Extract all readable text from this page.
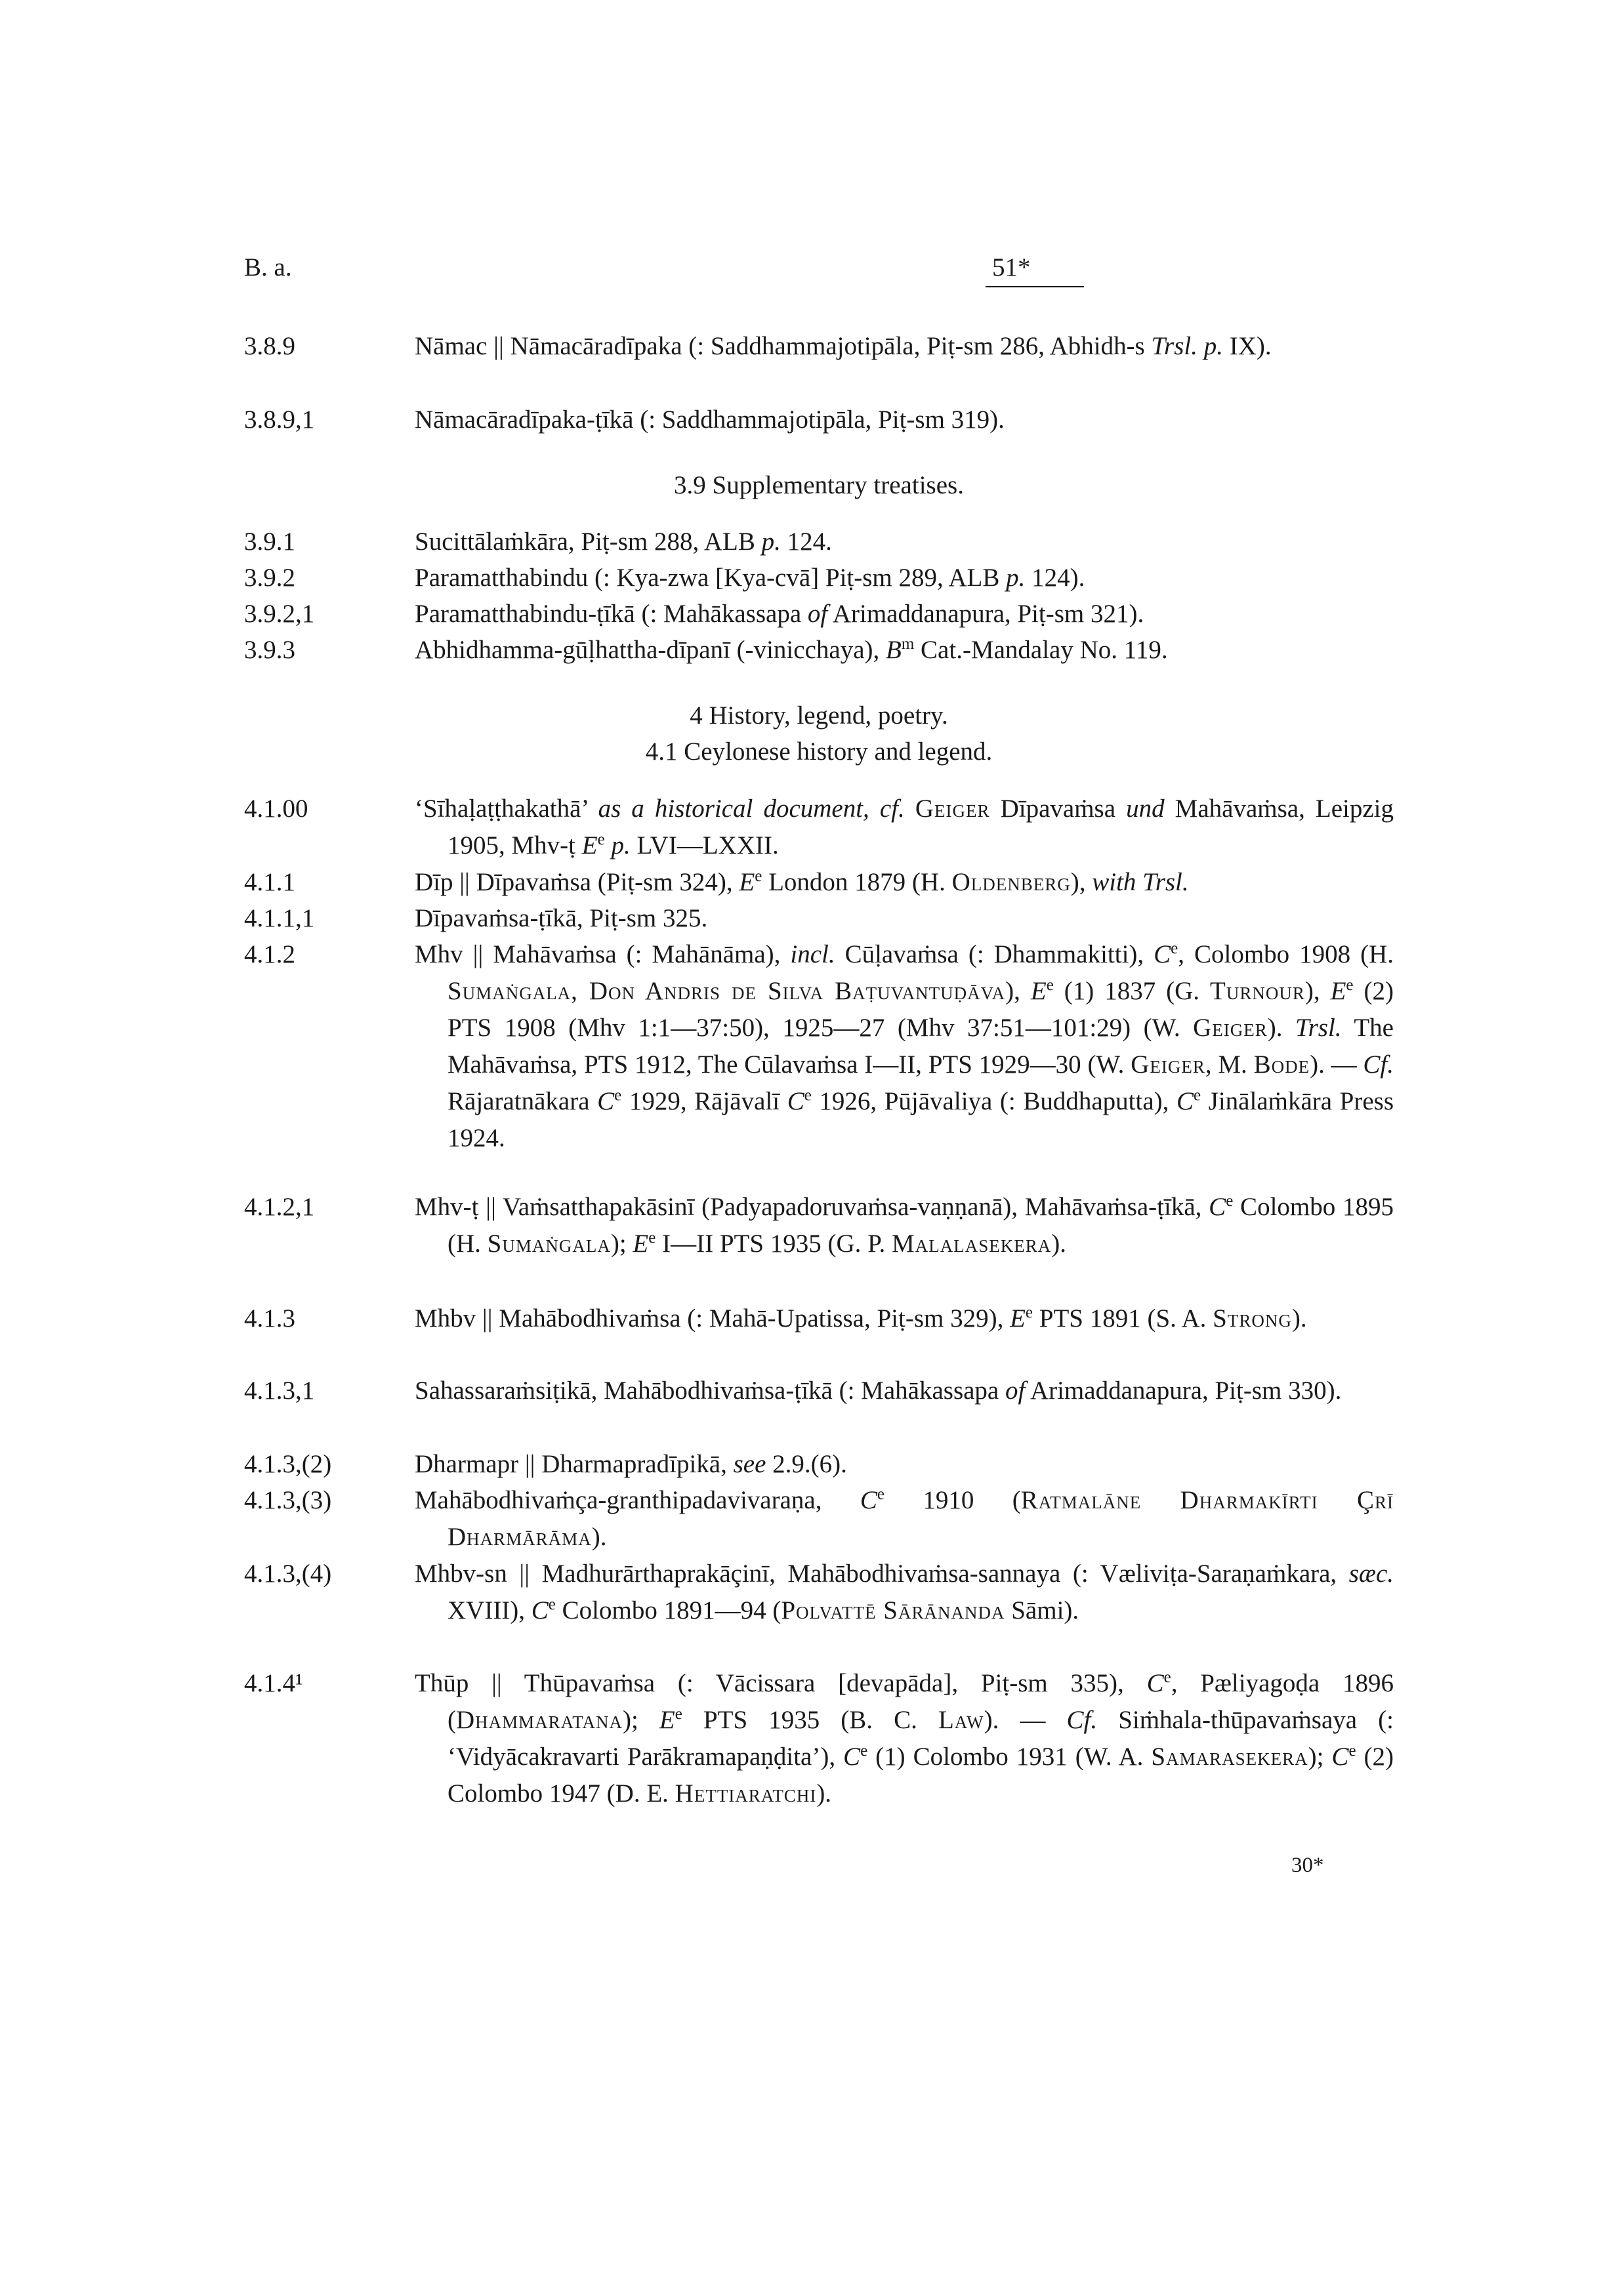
B. a.	51*
3.8.9	Nāmac || Nāmacāradīpaka (: Saddhammajotipāla, Piṭ-sm 286, Abhidh-s Trsl. p. IX).
3.8.9,1	Nāmacāradīpaka-ṭīkā (: Saddhammajotipāla, Piṭ-sm 319).
3.9 Supplementary treatises.
3.9.1	Sucittālaṁkāra, Piṭ-sm 288, ALB p. 124.
3.9.2	Paramatthabindu (: Kya-zwa [Kya-cvā] Piṭ-sm 289, ALB p. 124).
3.9.2,1	Paramatthabindu-ṭīkā (: Mahākassapa of Arimaddanapura, Piṭ-sm 321).
3.9.3	Abhidhamma-gūḷhattha-dīpanī (-vinicchaya), $B^m$ Cat.-Mandalay No. 119.
4 History, legend, poetry.
4.1 Ceylonese history and legend.
4.1.00	‘Sīhaḷaṭṭhakathā’ as a historical document, cf. Geiger Dīpavaṁsa und Mahāvaṁsa, Leipzig 1905, Mhv-ṭ $E^e$ p. LVI—LXXII.
4.1.1	Dīp || Dīpavaṁsa (Piṭ-sm 324), $E^e$ London 1879 (H. Oldenberg), with Trsl.
4.1.1,1	Dīpavaṁsa-ṭīkā, Piṭ-sm 325.
4.1.2	Mhv || Mahāvaṁsa (: Mahānāma), incl. Cūḷavaṁsa (: Dhammakitti), Ce, Colombo 1908 (H. Sumaṅgala, Don Andris de Silva Baṭuvantuḍāva), $E^e$ (1) 1837 (G. Turnour), $E^e$ (2) PTS 1908 (Mhv 1:1—37:50), 1925—27 (Mhv 37:51—101:29) (W. Geiger). Trsl. The Mahāvaṁsa, PTS 1912, The Cūlavaṁsa I—II, PTS 1929—30 (W. Geiger, M. Bode). — Cf. Rājaratnākara Ce 1929, Rājāvalī Ce 1926, Pūjāvaliya (: Buddhaputta), Ce Jinālaṁkāra Press 1924.
4.1.2,1	Mhv-ṭ || Vaṁsatthapakāsinī (Padyapadoruvaṁsa-vaṇṇanā), Mahāvaṁsa-ṭīkā, Ce Colombo 1895 (H. Sumaṅgala); $E^e$ I—II PTS 1935 (G. P. Malalasekera).
4.1.3	Mhbv || Mahābodhivaṁsa (: Mahā-Upatissa, Piṭ-sm 329), $E^e$ PTS 1891 (S. A. Strong).
4.1.3,1	Sahassaraṁsiṭikā, Mahābodhivaṁsa-ṭīkā (: Mahākassapa of Arimaddanapura, Piṭ-sm 330).
4.1.3,(2)	Dharmapr || Dharmapradīpikā, see 2.9.(6).
4.1.3,(3)	Mahābodhivaṁça-granthipadavivaraṇa, Ce 1910 (Ratmalāne Dharmakīrti Çrī Dharmārāma).
4.1.3,(4)	Mhbv-sn || Madhurārthaprakāçinī, Mahābodhivaṁsa-sannaya (: Væliviṭa-Saraṇaṁkara, sæc. XVIII), Ce Colombo 1891—94 (Polvattē Sārānanda Sāmi).
4.1.4¹	Thūp || Thūpavaṁsa (: Vācissara [devapāda], Piṭ-sm 335), Ce, Pæliyagoḍa 1896 (Dhammaratana); $E^e$ PTS 1935 (B. C. Law). — Cf. Siṁhala-thūpavaṁsaya (: ‘Vidyācakravarti Parākramapaṇḍita’), Ce (1) Colombo 1931 (W. A. Samarasekera); Ce (2) Colombo 1947 (D. E. Hettiaratchi).
30*
